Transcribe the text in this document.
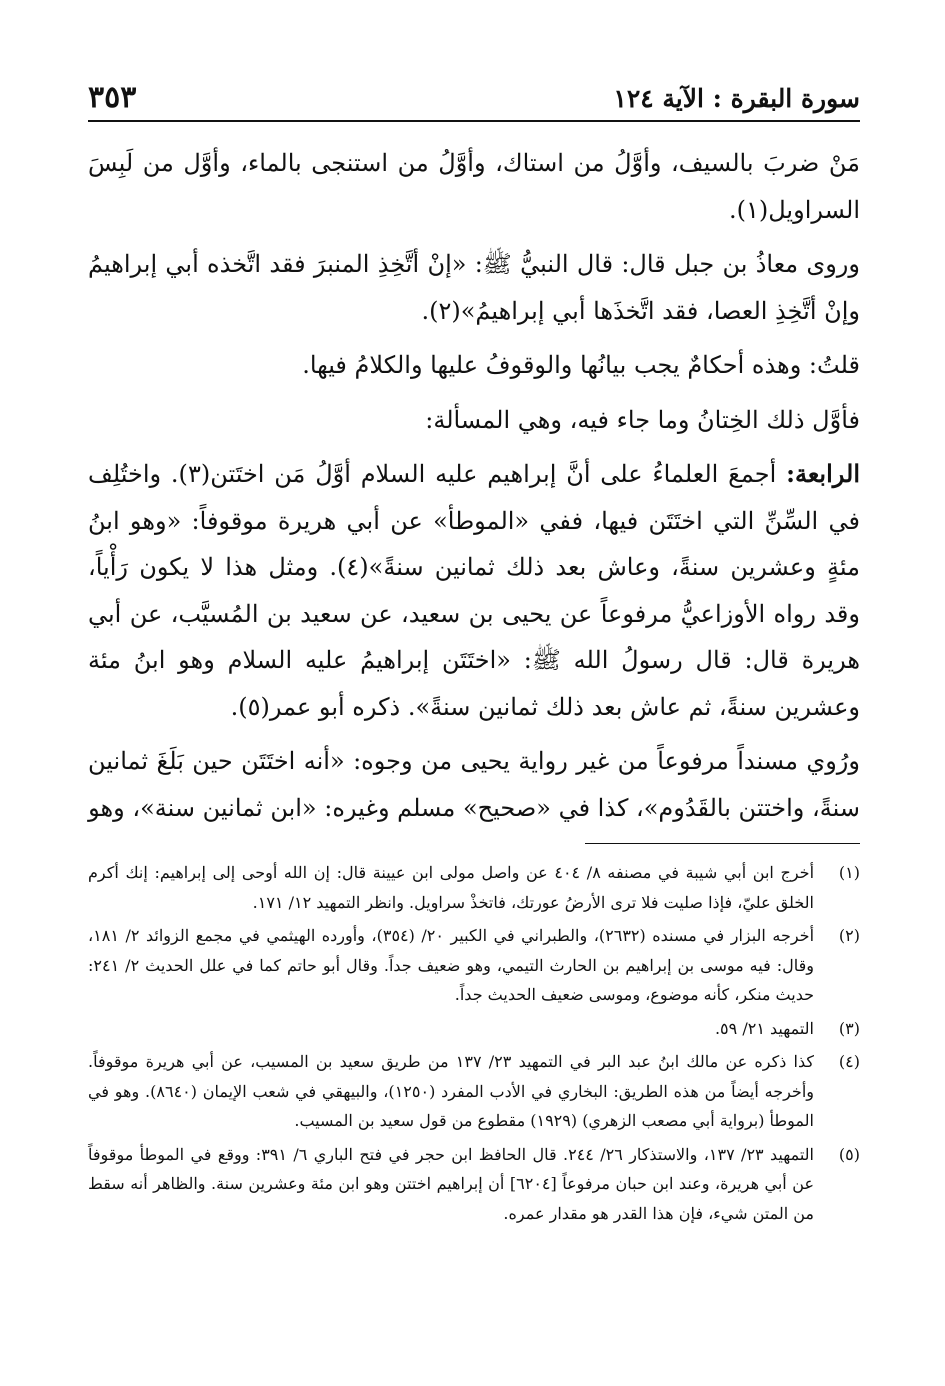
سورة البقرة : الآية ١٢٤
٣٥٣

مَنْ ضربَ بالسيف، وأوَّلُ من استاك، وأوَّلُ من استنجى بالماء، وأوَّل من لَبِسَ السراويل(١).

وروى معاذُ بن جبل قال: قال النبيُّ ﷺ: «إنْ أتَّخِذِ المنبرَ فقد اتَّخذه أبي إبراهيمُ وإنْ أتَّخِذِ العصا، فقد اتَّخذَها أبي إبراهيمُ»(٢).

قلتُ: وهذه أحكامٌ يجب بيانُها والوقوفُ عليها والكلامُ فيها.

فأوَّل ذلك الخِتانُ وما جاء فيه، وهي المسألة:

الرابعة: أجمعَ العلماءُ على أنَّ إبراهيم عليه السلام أوَّلُ مَن اختَتن(٣). واختُلِف في السِّنِّ التي اختَتَن فيها، ففي «الموطأ» عن أبي هريرة موقوفاً: «وهو ابنُ مئةٍ وعشرين سنةً، وعاش بعد ذلك ثمانين سنةً»(٤). ومثل هذا لا يكون رَأْياً، وقد رواه الأوزاعيُّ مرفوعاً عن يحيى بن سعيد، عن سعيد بن المُسيَّب، عن أبي هريرة قال: قال رسولُ الله ﷺ: «اختَتَن إبراهيمُ عليه السلام وهو ابنُ مئة وعشرين سنةً، ثم عاش بعد ذلك ثمانين سنةً». ذكره أبو عمر(٥).

ورُوي مسنداً مرفوعاً من غير رواية يحيى من وجوه: «أنه اختَتَن حين بَلَغَ ثمانين سنةً، واختتن بالقَدُوم»، كذا في «صحيح» مسلم وغيره: «ابن ثمانين سنة»، وهو

(١)
أخرج ابن أبي شيبة في مصنفه ٨/ ٤٠٤ عن واصل مولى ابن عيينة قال: إن الله أوحى إلى إبراهيم: إنك أكرم الخلق عليّ، فإذا صليت فلا ترى الأرضُ عورتك، فاتخذْ سراويل. وانظر التمهيد ١٢/ ١٧١.
(٢)
أخرجه البزار في مسنده (٢٦٣٢)، والطبراني في الكبير ٢٠/ (٣٥٤)، وأورده الهيثمي في مجمع الزوائد ٢/ ١٨١، وقال: فيه موسى بن إبراهيم بن الحارث التيمي، وهو ضعيف جداً. وقال أبو حاتم كما في علل الحديث ٢/ ٢٤١: حديث منكر، كأنه موضوع، وموسى ضعيف الحديث جداً.
(٣)
التمهيد ٢١/ ٥٩.
(٤)
كذا ذكره عن مالك ابنُ عبد البر في التمهيد ٢٣/ ١٣٧ من طريق سعيد بن المسيب، عن أبي هريرة موقوفاً. وأخرجه أيضاً من هذه الطريق: البخاري في الأدب المفرد (١٢٥٠)، والبيهقي في شعب الإيمان (٨٦٤٠). وهو في الموطأ (برواية أبي مصعب الزهري) (١٩٢٩) مقطوع من قول سعيد بن المسيب.
(٥)
التمهيد ٢٣/ ١٣٧، والاستذكار ٢٦/ ٢٤٤. قال الحافظ ابن حجر في فتح الباري ٦/ ٣٩١: ووقع في الموطأ موقوفاً عن أبي هريرة، وعند ابن حبان مرفوعاً [٦٢٠٤] أن إبراهيم اختتن وهو ابن مئة وعشرين سنة. والظاهر أنه سقط من المتن شيء، فإن هذا القدر هو مقدار عمره.
